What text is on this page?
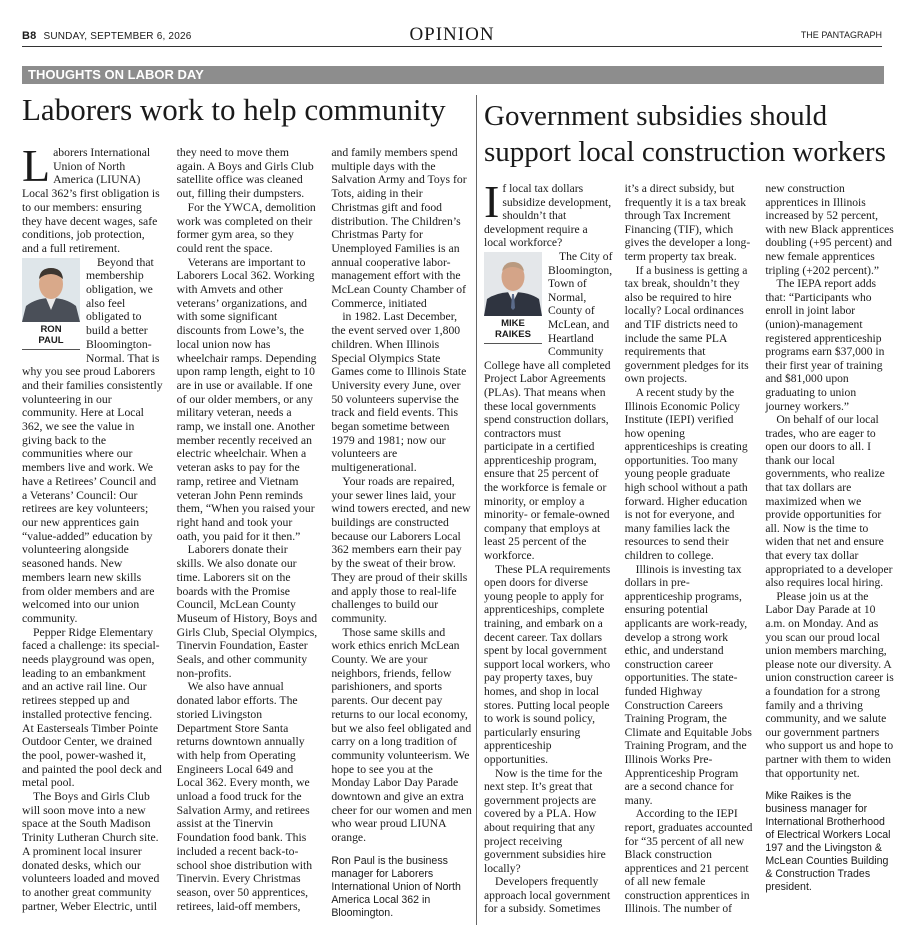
B8 SUNDAY, SEPTEMBER 6, 2026	OPINION	THE PANTAGRAPH
THOUGHTS ON LABOR DAY
Laborers work to help community	Government subsidies should support local construction workers

L aborers International Union of North America (LIUNA) Local 362’s first obligation is to our members: ensuring they have decent wages, safe conditions, job protection, and a full retirement.

RON
PAUL

Beyond that membership obligation, we also feel obligated to build a better Bloomington-Normal. That is why you see proud Laborers and their families consistently volunteering in our community. Here at Local 362, we see the value in giving back to the communities where our members live and work. We have a Retirees’ Council and a Veterans’ Council: Our retirees are key volunteers; our new apprentices gain “value-added” education by volunteering alongside seasoned hands. New members learn new skills from older members and are welcomed into our union community.

Pepper Ridge Elementary faced a challenge: its special-needs playground was open, leading to an embankment and an active rail line. Our retirees stepped up and installed protective fencing. At Easterseals Timber Pointe Outdoor Center, we drained the pool, power-washed it, and painted the pool deck and metal pool.

The Boys and Girls Club will soon move into a new space at the South Madison Trinity Lutheran Church site. A prominent local insurer donated desks, which our volunteers loaded and moved to another great community partner, Weber Electric, until they need to move them again. A Boys and Girls Club satellite office was cleaned out, filling their dumpsters.

For the YWCA, demolition work was completed on their former gym area, so they could rent the space.

Veterans are important to Laborers Local 362. Working with Amvets and other veterans’ organizations, and with some significant discounts from Lowe’s, the local union now has wheelchair ramps. Depending upon ramp length, eight to 10 are in use or available. If one of our older members, or any military veteran, needs a ramp, we install one. Another member recently received an electric wheelchair. When a veteran asks to pay for the ramp, retiree and Vietnam veteran John Penn reminds them, “When you raised your right hand and took your oath, you paid for it then.”

Laborers donate their skills. We also donate our time. Laborers sit on the boards with the Promise Council, McLean County Museum of History, Boys and Girls Club, Special Olympics, Tinervin Foundation, Easter Seals, and other community non-profits.

We also have annual donated labor efforts. The storied Livingston Department Store Santa returns downtown annually with help from Operating Engineers Local 649 and Local 362. Every month, we unload a food truck for the Salvation Army, and retirees assist at the Tinervin Foundation food bank. This included a recent back-to-school shoe distribution with Tinervin. Every Christmas season, over 50 apprentices, retirees, laid-off members, and family members spend multiple days with the Salvation Army and Toys for Tots, aiding in their Christmas gift and food distribution. The Children’s Christmas Party for Unemployed Families is an annual cooperative labor-management effort with the McLean County Chamber of Commerce, initiated

in 1982. Last December, the event served over 1,800 children. When Illinois Special Olympics State Games come to Illinois State University every June, over 50 volunteers supervise the track and field events. This began sometime between 1979 and 1981; now our volunteers are multigenerational.

Your roads are repaired, your sewer lines laid, your wind towers erected, and new buildings are constructed because our Laborers Local 362 members earn their pay by the sweat of their brow. They are proud of their skills and apply those to real-life challenges to build our community.

Those same skills and work ethics enrich McLean County. We are your neighbors, friends, fellow parishioners, and sports parents. Our decent pay returns to our local economy, but we also feel obligated and carry on a long tradition of community volunteerism. We hope to see you at the Monday Labor Day Parade downtown and give an extra cheer for our women and men who wear proud LIUNA orange.

Ron Paul is the business manager for Laborers International Union of North America Local 362 in Bloomington.

I f local tax dollars subsidize development, shouldn’t that development require a local workforce?

MIKE
RAIKES

The City of Bloomington, Town of Normal, County of McLean, and Heartland Community College have all completed Project Labor Agreements (PLAs). That means when these local governments spend construction dollars, contractors must participate in a certified apprenticeship program, ensure that 25 percent of the workforce is female or minority, or employ a minority- or female-owned company that employs at least 25 percent of the workforce.

These PLA requirements open doors for diverse young people to apply for apprenticeships, complete training, and embark on a decent career. Tax dollars spent by local government support local workers, who pay property taxes, buy homes, and shop in local stores. Putting local people to work is sound policy, particularly ensuring apprenticeship opportunities.

Now is the time for the next step. It’s great that government projects are covered by a PLA. How about requiring that any project receiving government subsidies hire locally?

Developers frequently approach local government for a subsidy. Sometimes it’s a direct subsidy, but frequently it is a tax break through Tax Increment Financing (TIF), which gives the developer a long-term property tax break.

If a business is getting a tax break, shouldn’t they also be required to hire locally? Local ordinances and TIF districts need to include the same PLA requirements that government pledges for its own projects.

A recent study by the Illinois Economic Policy Institute (IEPI) verified how opening apprenticeships is creating opportunities. Too many young people graduate high school without a path forward. Higher education is not for everyone, and many families lack the resources to send their children to college.

Illinois is investing tax dollars in pre-apprenticeship programs, ensuring potential applicants are work-ready, develop a strong work ethic, and understand construction career opportunities. The state-funded Highway Construction Careers Training Program, the Climate and Equitable Jobs Training Program, and the Illinois Works Pre-Apprenticeship Program are a second chance for many.

According to the IEPI report, graduates accounted for “35 percent of all new Black construction apprentices and 21 percent of all new female construction apprentices in Illinois. The number of new construction apprentices in Illinois increased by 52 percent, with new Black apprentices doubling (+95 percent) and new female apprentices tripling (+202 percent).”

The IEPA report adds that: “Participants who enroll in joint labor (union)-management registered apprenticeship programs earn $37,000 in their first year of training and $81,000 upon graduating to union journey workers.”

On behalf of our local trades, who are eager to open our doors to all. I thank our local governments, who realize that tax dollars are maximized when we provide opportunities for all. Now is the time to widen that net and ensure that every tax dollar appropriated to a developer also requires local hiring.

Please join us at the Labor Day Parade at 10 a.m. on Monday. And as you scan our proud local union members marching, please note our diversity. A union construction career is a foundation for a strong family and a thriving community, and we salute our government partners who support us and hope to partner with them to widen that opportunity net.

Mike Raikes is the business manager for International Brotherhood of Electrical Workers Local 197 and the Livingston & McLean Counties Building & Construction Trades president.
